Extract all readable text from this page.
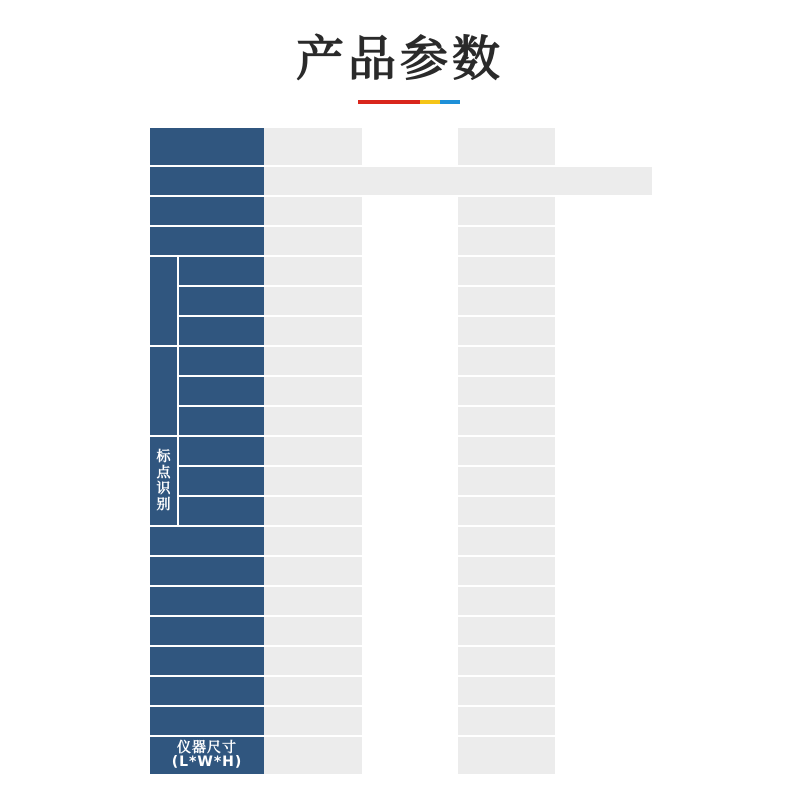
产品参数
仪器尺寸
(L*W*H)
标
点
识
别
